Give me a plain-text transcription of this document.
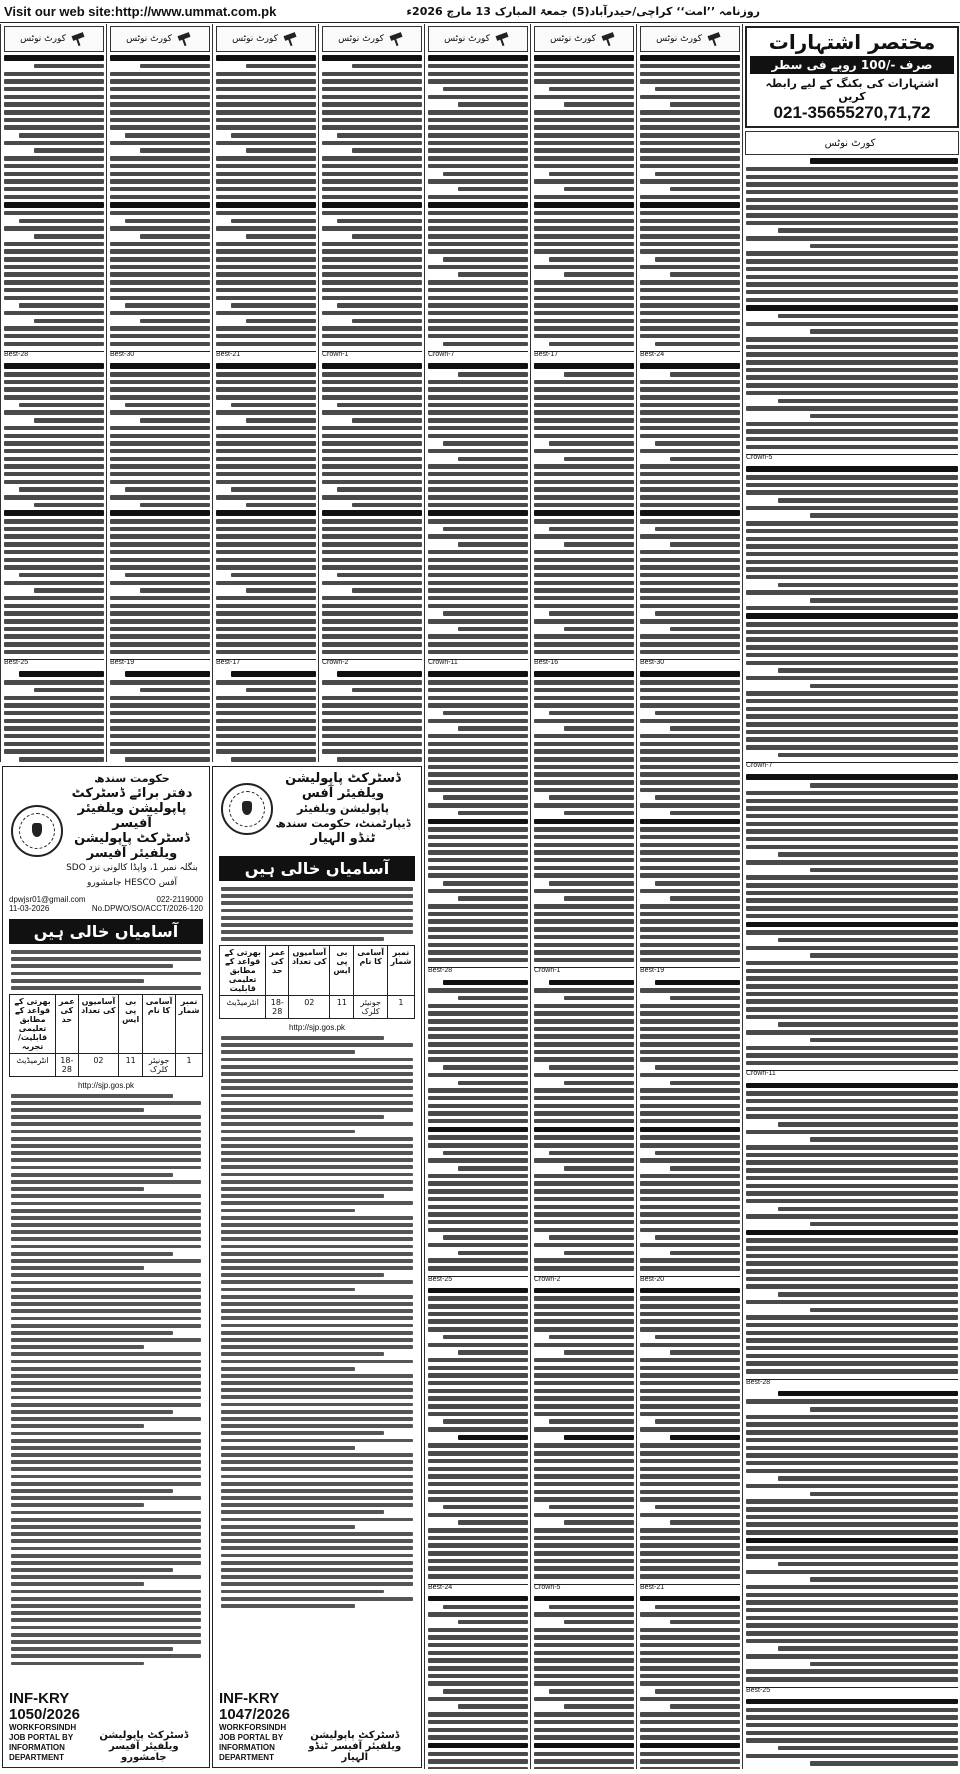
Visit our web site:http://www.ummat.com.pk	روزنامہ ’’امت‘‘ کراچی/حیدرآباد(5) جمعۃ المبارک 13 مارچ 2026ء
کورٹ نوٹس
Best-28
Best-25
کورٹ نوٹس
Best-30
Best-19
کورٹ نوٹس
Best-21
Best-17
کورٹ نوٹس
Crown-1
Crown-2
کورٹ نوٹس
Crown-7
Crown-11
Best-28
Best-25
Best-24
کورٹ نوٹس
Best-17
Best-16
Crown-1
Crown-2
Crown-5
کورٹ نوٹس
Best-24
Best-30
Best-19
Best-20
Best-21
مختصر اشتہارات
صرف -/100 روپے فی سطر
اشتہارات کی بکنگ کے لیے رابطہ کریں
021-35655270,71,72
کورٹ نوٹس
Crown-5
Crown-7
Crown-11
Best-28
Best-25
حکومت سندھ
دفتر برائے ڈسٹرکٹ پاپولیشن ویلفیئر آفیسر
ڈسٹرکٹ پاپولیشن ویلفیئر آفیسر
بنگلہ نمبر 1، واپڈا کالونی نزد SDO آفس HESCO جامشورو
dpwjsr01@gmail.com	022-2119000
11-03-2026	No.DPWO/SO/ACCT/2026-120
آسامیاں خالی ہیں
نمبر شمار	آسامی کا نام	بی پی ایس	آسامیوں کی تعداد	عمر کی حد	بھرتی کے قواعد کے مطابق تعلیمی قابلیت/تجربہ
1	جونیئر کلرک	11	02	18-28	انٹرمیڈیٹ
http://sjp.gos.pk
INF-KRY 1050/2026
WORKFORSINDH
JOB PORTAL BY
INFORMATION DEPARTMENT
ڈسٹرکٹ پاپولیشن ویلفیئر آفیسر جامشورو
ڈسٹرکٹ پاپولیشن ویلفیئر آفس
پاپولیشن ویلفیئر ڈیپارٹمنٹ، حکومت سندھ
ٹنڈو الہیار
آسامیاں خالی ہیں
نمبر شمار	آسامی کا نام	بی پی ایس	آسامیوں کی تعداد	عمر کی حد	بھرتی کے قواعد کے مطابق تعلیمی قابلیت
1	جونیئر کلرک	11	02	18-28	انٹرمیڈیٹ
http://sjp.gos.pk
INF-KRY 1047/2026
WORKFORSINDH
JOB PORTAL BY
INFORMATION DEPARTMENT
ڈسٹرکٹ پاپولیشن ویلفیئر آفیسر ٹنڈو الہیار
